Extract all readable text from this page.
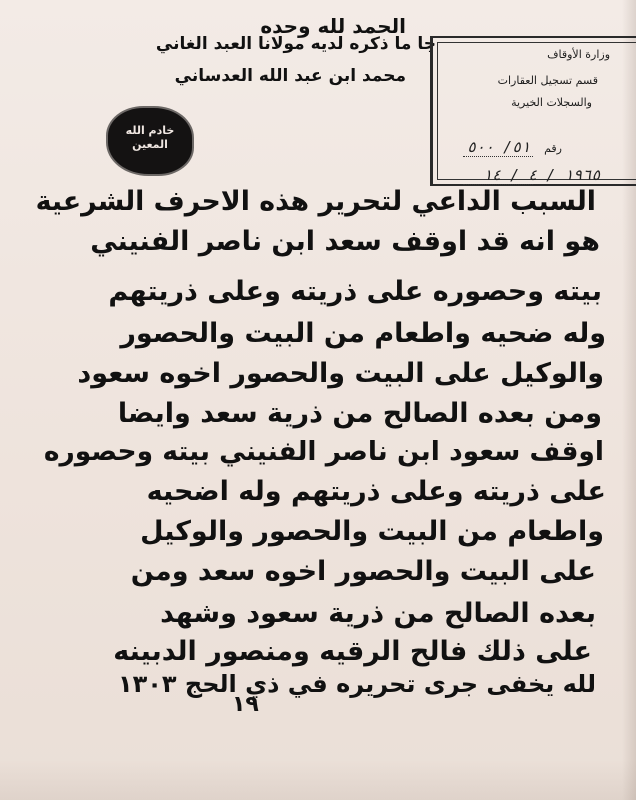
الحمد لله وحده
جا ما ذكره لديه مولانا العبد الغاني
محمد ابن عبد الله العدساني
خادم الله
المعين
وزارة الأوقاف
قسم تسجيل العقارات
والسجلات الخيرية
رقم
٥١/ ٥٠٠
١٩٦٥ / ٤ / ١٤
السبب الداعي لتحرير هذه الاحرف الشرعية
هو انه قد اوقف سعد ابن ناصر الفنيني
بيته وحصوره على ذريته وعلى ذريتهم
وله ضحيه واطعام من البيت والحصور
والوكيل على البيت والحصور اخوه سعود
ومن بعده الصالح من ذرية سعد وايضا
اوقف سعود ابن ناصر الفنيني بيته وحصوره
على ذريته وعلى ذريتهم وله اضحيه
واطعام من البيت والحصور والوكيل
على البيت والحصور اخوه سعد ومن
بعده الصالح من ذرية سعود وشهد
على ذلك فالح الرقيه ومنصور الدبينه
لله يخفى جرى تحريره في ذي الحج ١٣٠٣
١٩
